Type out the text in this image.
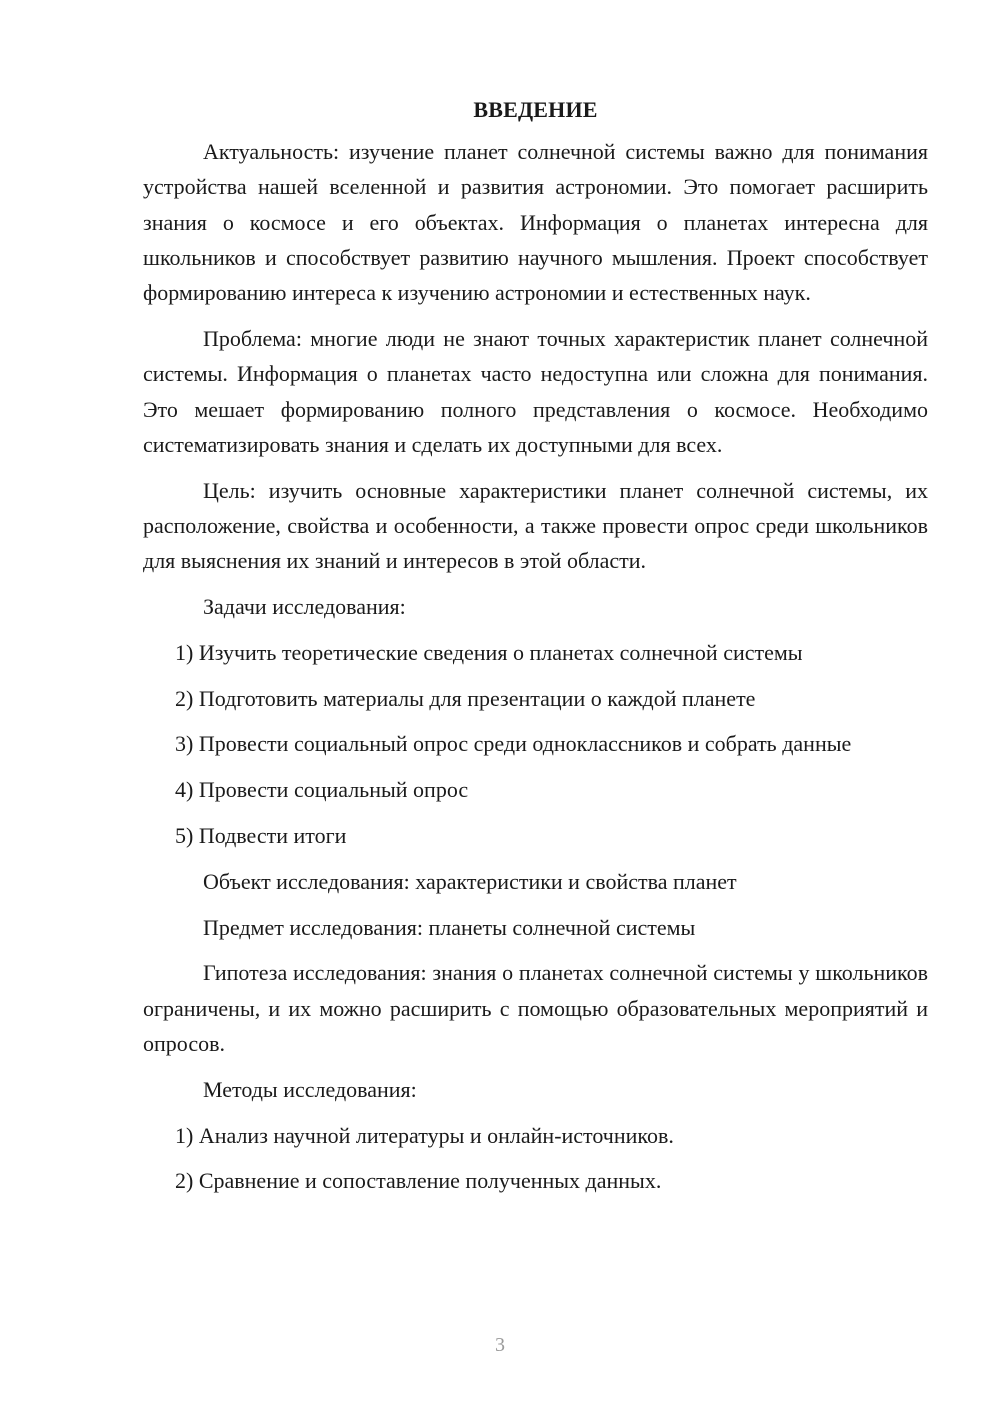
ВВЕДЕНИЕ

Актуальность: изучение планет солнечной системы важно для понимания устройства нашей вселенной и развития астрономии. Это помогает расширить знания о космосе и его объектах. Информация о планетах интересна для школьников и способствует развитию научного мышления. Проект способствует формированию интереса к изучению астрономии и естественных наук.

Проблема: многие люди не знают точных характеристик планет солнечной системы. Информация о планетах часто недоступна или сложна для понимания. Это мешает формированию полного представления о космосе. Необходимо систематизировать знания и сделать их доступными для всех.

Цель: изучить основные характеристики планет солнечной системы, их расположение, свойства и особенности, а также провести опрос среди школьников для выяснения их знаний и интересов в этой области.

Задачи исследования:

1) Изучить теоретические сведения о планетах солнечной системы

2) Подготовить материалы для презентации о каждой планете

3) Провести социальный опрос среди одноклассников и собрать данные

4) Провести социальный опрос

5) Подвести итоги

Объект исследования: характеристики и свойства планет

Предмет исследования: планеты солнечной системы

Гипотеза исследования: знания о планетах солнечной системы у школьников ограничены, и их можно расширить с помощью образовательных мероприятий и опросов.

Методы исследования:

1) Анализ научной литературы и онлайн-источников.

2) Сравнение и сопоставление полученных данных.

3
